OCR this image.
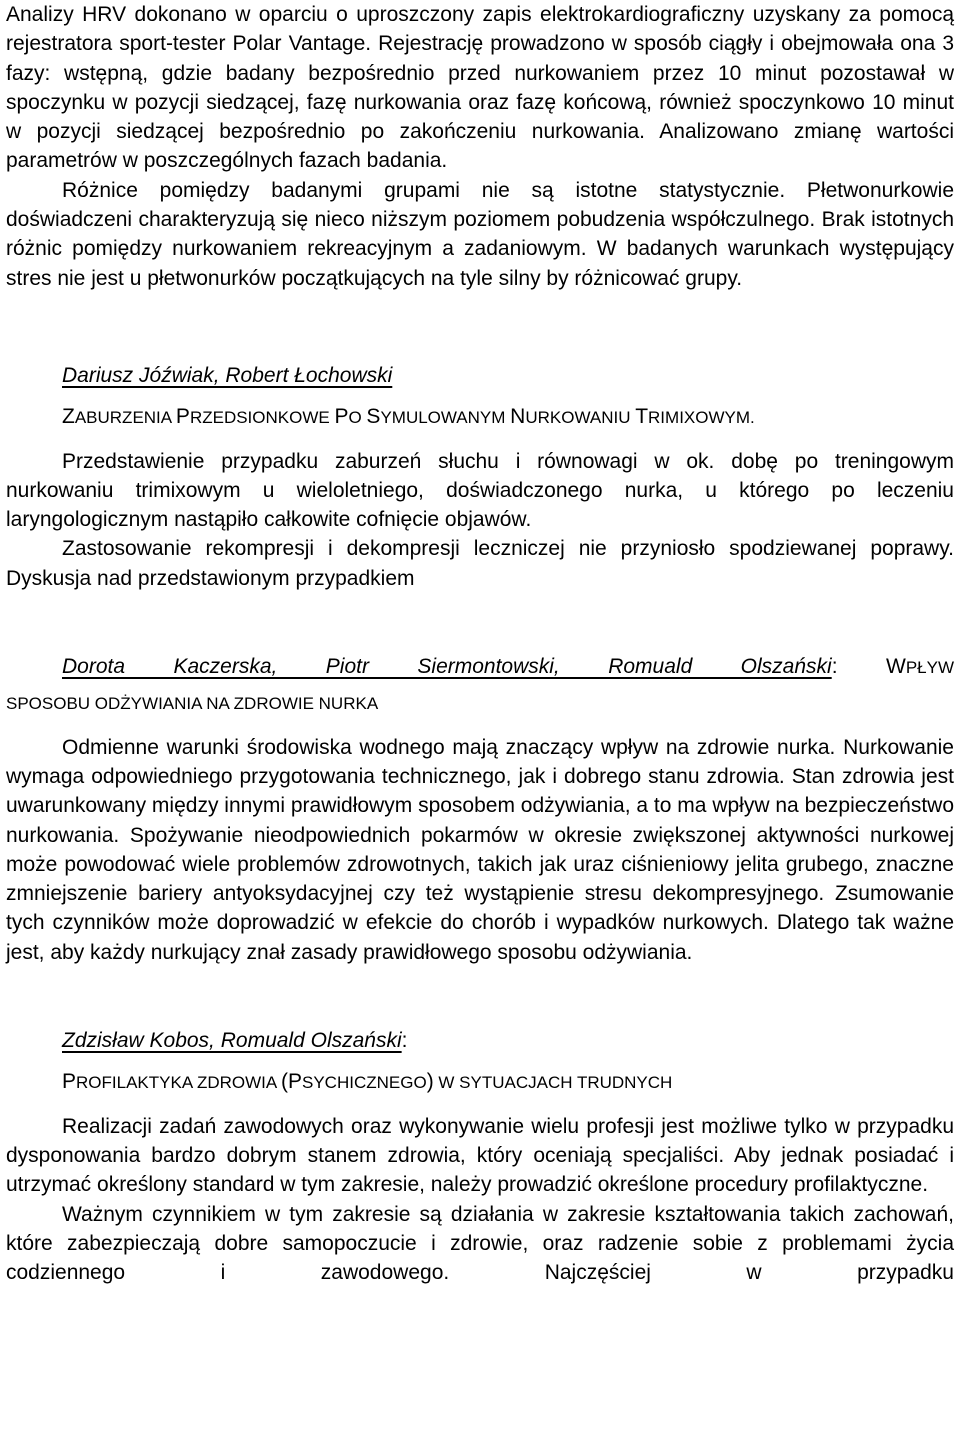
Analizy HRV dokonano w oparciu o uproszczony zapis elektrokardiograficzny uzyskany za pomocą rejestratora sport-tester Polar Vantage. Rejestrację prowadzono w sposób ciągły i obejmowała ona 3 fazy: wstępną, gdzie badany bezpośrednio przed nurkowaniem przez 10 minut pozostawał w spoczynku w pozycji siedzącej, fazę nurkowania oraz fazę końcową, również spoczynkowo 10 minut w pozycji siedzącej bezpośrednio po zakończeniu nurkowania. Analizowano zmianę wartości parametrów w poszczególnych fazach badania.

Różnice pomiędzy badanymi grupami nie są istotne statystycznie. Płetwonurkowie doświadczeni charakteryzują się nieco niższym poziomem pobudzenia współczulnego. Brak istotnych różnic pomiędzy nurkowaniem rekreacyjnym a zadaniowym. W badanych warunkach występujący stres nie jest u płetwonurków początkujących na tyle silny by różnicować grupy.

Dariusz Jóźwiak, Robert Łochowski
ZABURZENIA PRZEDSIONKOWE PO SYMULOWANYM NURKOWANIU TRIMIXOWYM.

Przedstawienie przypadku zaburzeń słuchu i równowagi w ok. dobę po treningowym nurkowaniu trimixowym u wieloletniego, doświadczonego nurka, u którego po leczeniu laryngologicznym nastąpiło całkowite cofnięcie objawów.

Zastosowanie rekompresji i dekompresji leczniczej nie przyniosło spodziewanej poprawy. Dyskusja nad przedstawionym przypadkiem

Dorota Kaczerska, Piotr Siermontowski, Romuald Olszański: WPŁYW
SPOSOBU ODŻYWIANIA NA ZDROWIE NURKA

Odmienne warunki środowiska wodnego mają znaczący wpływ na zdrowie nurka. Nurkowanie wymaga odpowiedniego przygotowania technicznego, jak i dobrego stanu zdrowia. Stan zdrowia jest uwarunkowany między innymi prawidłowym sposobem odżywiania, a to ma wpływ na bezpieczeństwo nurkowania. Spożywanie nieodpowiednich pokarmów w okresie zwiększonej aktywności nurkowej może powodować wiele problemów zdrowotnych, takich jak uraz ciśnieniowy jelita grubego, znaczne zmniejszenie bariery antyoksydacyjnej czy też wystąpienie stresu dekompresyjnego. Zsumowanie tych czynników może doprowadzić w efekcie do chorób i wypadków nurkowych. Dlatego tak ważne jest, aby każdy nurkujący znał zasady prawidłowego sposobu odżywiania.

Zdzisław Kobos, Romuald Olszański:
PROFILAKTYKA ZDROWIA (PSYCHICZNEGO) W SYTUACJACH TRUDNYCH

Realizacji zadań zawodowych oraz wykonywanie wielu profesji jest możliwe tylko w przypadku dysponowania bardzo dobrym stanem zdrowia, który oceniają specjaliści. Aby jednak posiadać i utrzymać określony standard w tym zakresie, należy prowadzić określone procedury profilaktyczne.

Ważnym czynnikiem w tym zakresie są działania w zakresie kształtowania takich zachowań, które zabezpieczają dobre samopoczucie i zdrowie, oraz radzenie sobie z problemami życia codziennego i zawodowego. Najczęściej w przypadku
